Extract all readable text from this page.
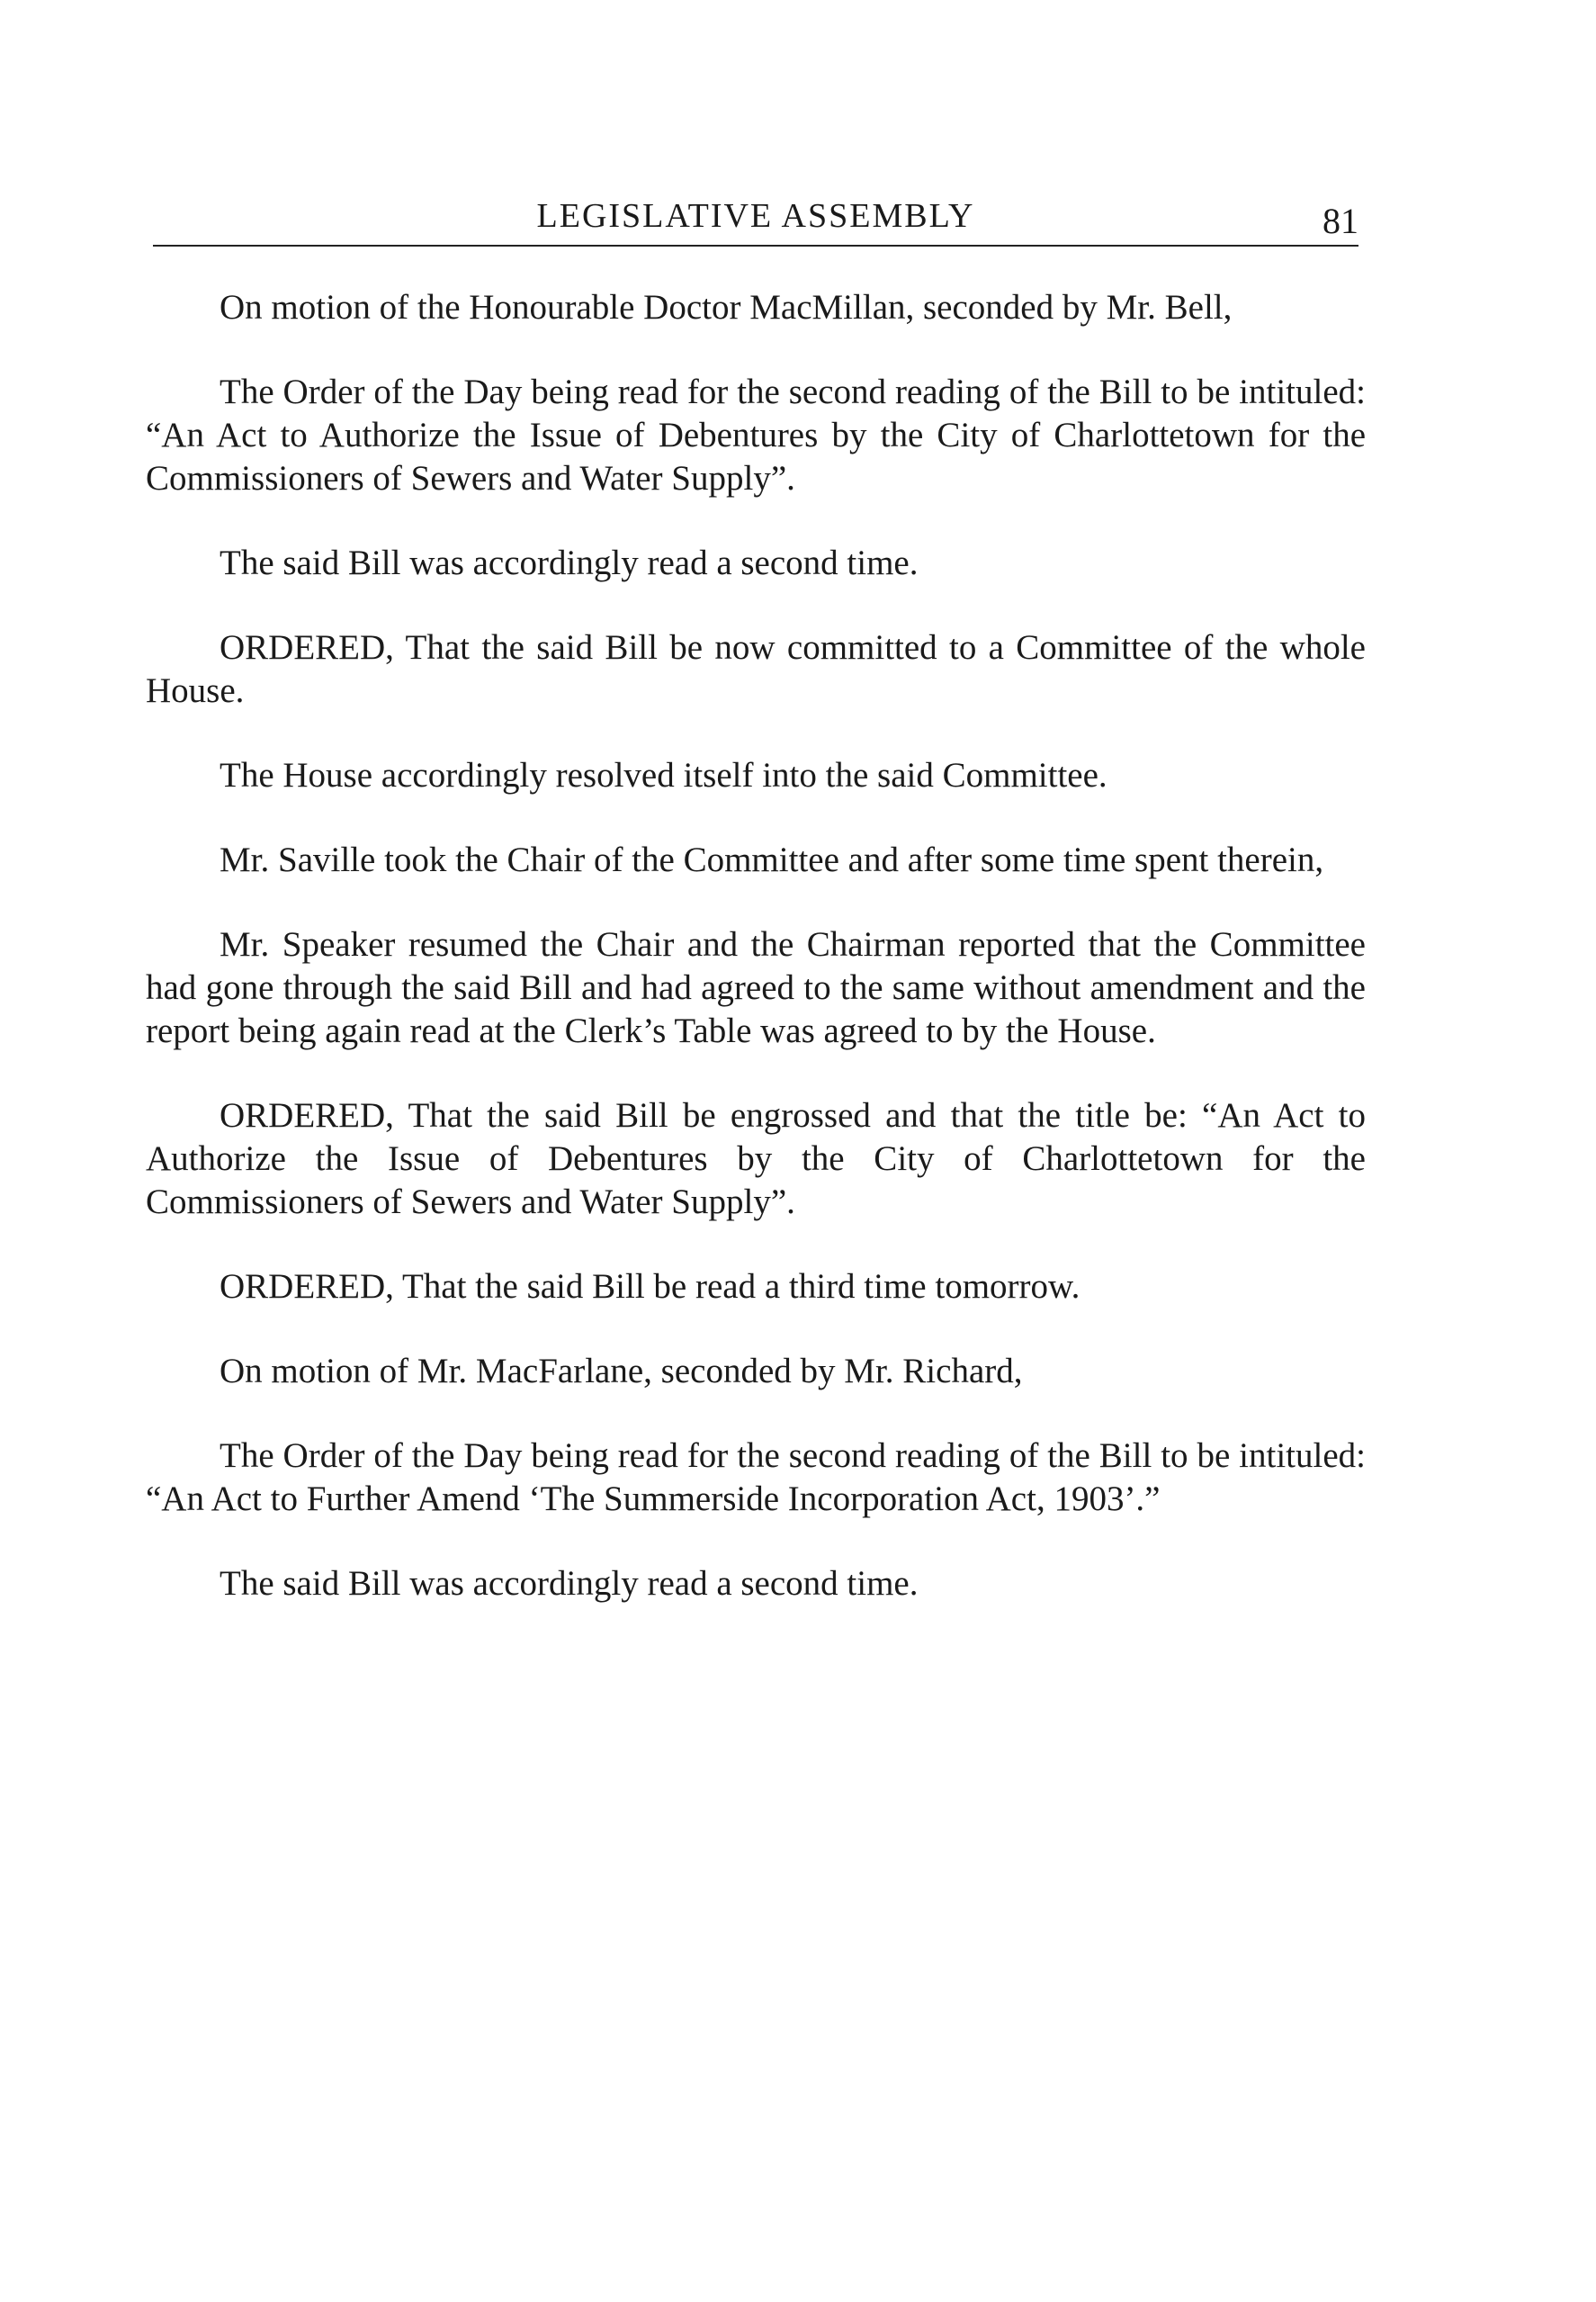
LEGISLATIVE ASSEMBLY	81

On motion of the Honourable Doctor MacMillan, seconded by Mr. Bell,

The Order of the Day being read for the second reading of the Bill to be intituled: “An Act to Authorize the Issue of Debentures by the City of Charlottetown for the Commissioners of Sewers and Water Supply”.

The said Bill was accordingly read a second time.

ORDERED, That the said Bill be now committed to a Committee of the whole House.

The House accordingly resolved itself into the said Committee.

Mr. Saville took the Chair of the Committee and after some time spent therein,

Mr. Speaker resumed the Chair and the Chairman reported that the Committee had gone through the said Bill and had agreed to the same without amendment and the report being again read at the Clerk’s Table was agreed to by the House.

ORDERED, That the said Bill be engrossed and that the title be: “An Act to Authorize the Issue of Debentures by the City of Charlottetown for the Commissioners of Sewers and Water Supply”.

ORDERED, That the said Bill be read a third time tomorrow.

On motion of Mr. MacFarlane, seconded by Mr. Richard,

The Order of the Day being read for the second reading of the Bill to be intituled: “An Act to Further Amend ‘The Summerside Incorporation Act, 1903’.”

The said Bill was accordingly read a second time.
